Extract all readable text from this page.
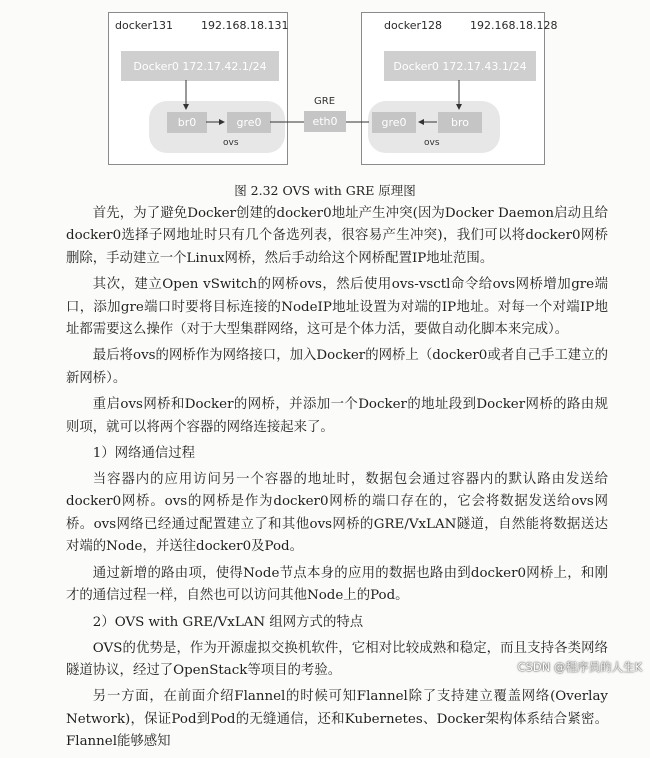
docker131	192.168.18.131
Docker0 172.17.42.1/24
br0	gre0
ovs
docker128	192.168.18.128
Docker0 172.17.43.1/24
gre0	bro
ovs
GRE
eth0
图 2.32 OVS with GRE 原理图

首先，为了避免Docker创建的docker0地址产生冲突(因为Docker Daemon启动且给docker0选择子网地址时只有几个备选列表，很容易产生冲突)，我们可以将docker0网桥删除，手动建立一个Linux网桥，然后手动给这个网桥配置IP地址范围。

其次，建立Open vSwitch的网桥ovs，然后使用ovs-vsctl命令给ovs网桥增加gre端口，添加gre端口时要将目标连接的NodeIP地址设置为对端的IP地址。对每一个对端IP地址都需要这么操作（对于大型集群网络，这可是个体力活，要做自动化脚本来完成）。

最后将ovs的网桥作为网络接口，加入Docker的网桥上（docker0或者自己手工建立的新网桥）。

重启ovs网桥和Docker的网桥，并添加一个Docker的地址段到Docker网桥的路由规则项，就可以将两个容器的网络连接起来了。

1）网络通信过程

当容器内的应用访问另一个容器的地址时，数据包会通过容器内的默认路由发送给docker0网桥。ovs的网桥是作为docker0网桥的端口存在的，它会将数据发送给ovs网桥。ovs网络已经通过配置建立了和其他ovs网桥的GRE/VxLAN隧道，自然能将数据送达对端的Node，并送往docker0及Pod。

通过新增的路由项，使得Node节点本身的应用的数据也路由到docker0网桥上，和刚才的通信过程一样，自然也可以访问其他Node上的Pod。

2）OVS with GRE/VxLAN 组网方式的特点

OVS的优势是，作为开源虚拟交换机软件，它相对比较成熟和稳定，而且支持各类网络隧道协议，经过了OpenStack等项目的考验。

另一方面，在前面介绍Flannel的时候可知Flannel除了支持建立覆盖网络(Overlay Network)，保证Pod到Pod的无缝通信，还和Kubernetes、Docker架构体系结合紧密。Flannel能够感知

CSDN @程序员的人生K
